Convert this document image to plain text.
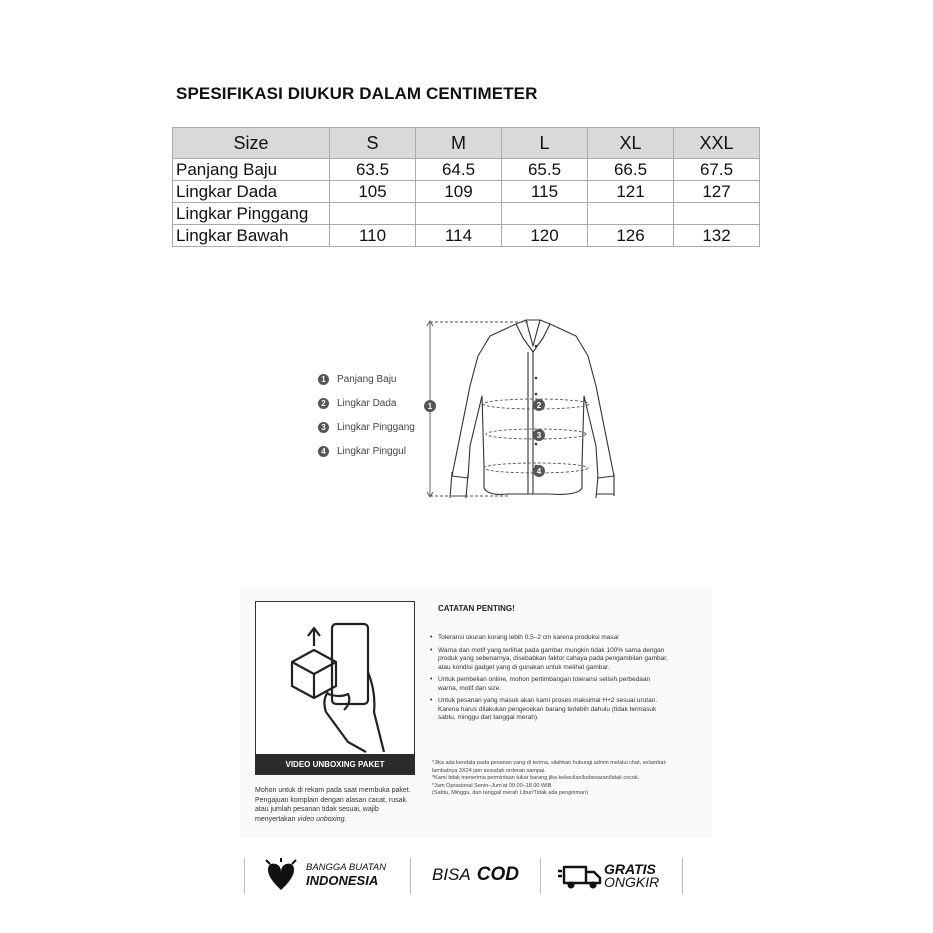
SPESIFIKASI DIUKUR DALAM CENTIMETER
Size	S	M	L	XL	XXL
Panjang Baju	63.5	64.5	65.5	66.5	67.5
Lingkar Dada	105	109	115	121	127
Lingkar Pinggang					
Lingkar Bawah	110	114	120	126	132
1	Panjang Baju
2	Lingkar Dada
3	Lingkar Pinggang
4	Lingkar Pinggul
1	2
3
4
VIDEO UNBOXING PAKET
Mohon untuk di rekam pada saat membuka paket. Pengajuan komplain dengan alasan cacat, rusak atau jumlah pesanan tidak sesuai, wajib menyertakan video unboxing.
CATATAN PENTING!
• Toleransi ukuran kurang lebih 0,5–2 cm karena produksi masal
• Warna dan motif yang terlihat pada gambar mungkin tidak 100% sama dengan produk yang sebenarnya, disebabkan faktor cahaya pada pengambilan gambar, atau kondisi gadget yang di gunakan untuk melihat gambar.
• Untuk pembelian online, mohon pertimbangan toleransi selisih perbedaan warna, motif dan size.
• Untuk pesanan yang masuk akan kami proses maksimal H+2 sesuai urutan. Karena harus dilakukan pengecekan barang terlebih dahulu (tidak termasuk sabtu, minggu dan tanggal merah).
*Jika ada kendala pada pesanan yang di terima, silahkan hubungi admin melalui chat, selambat-lambatnya 3X24 jam sesudah orderan sampai.
*Kami tidak menerima permintaan tukar barang jika kekecilan/kebesaran/tidak cocok.
*Jam Oprasional Senin–Jum'at 09.00–18.00 WIB
(Sabtu, Minggu, dan tanggal merah Libur/Tidak ada pengiriman)
BANGGA BUATAN
INDONESIA	BISA COD	GRATIS
ONGKIR
